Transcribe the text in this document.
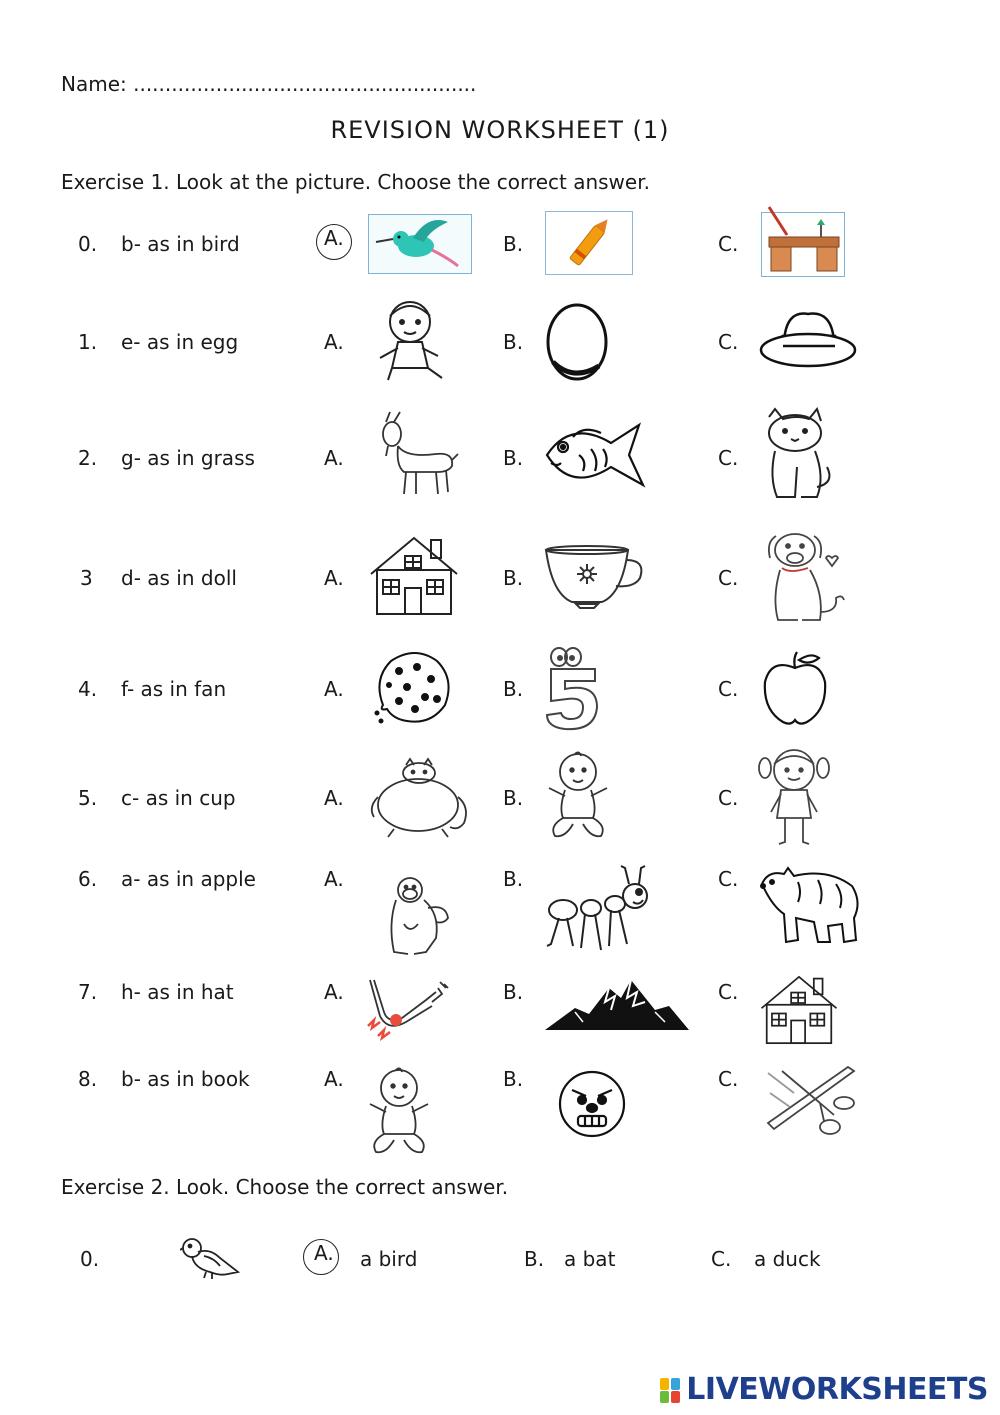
Name: ......................................................
REVISION WORKSHEET (1)
Exercise 1. Look at the picture. Choose the correct answer.
0. b- as in bird	A.	B.	C.
1. e- as in egg	A.	B.	C.
2. g- as in grass	A.	B.	C.
3 d- as in doll	A.	B.	C.
4. f- as in fan	A.	B.	C.
5. c- as in cup	A.	B.	C.
6. a- as in apple	A.	B.	C.
7. h- as in hat	A.	B.	C.
8. b- as in book	A.	B.	C.
Exercise 2. Look. Choose the correct answer.
0.	A. a bird	B. a bat	C. a duck
LIVEWORKSHEETS
